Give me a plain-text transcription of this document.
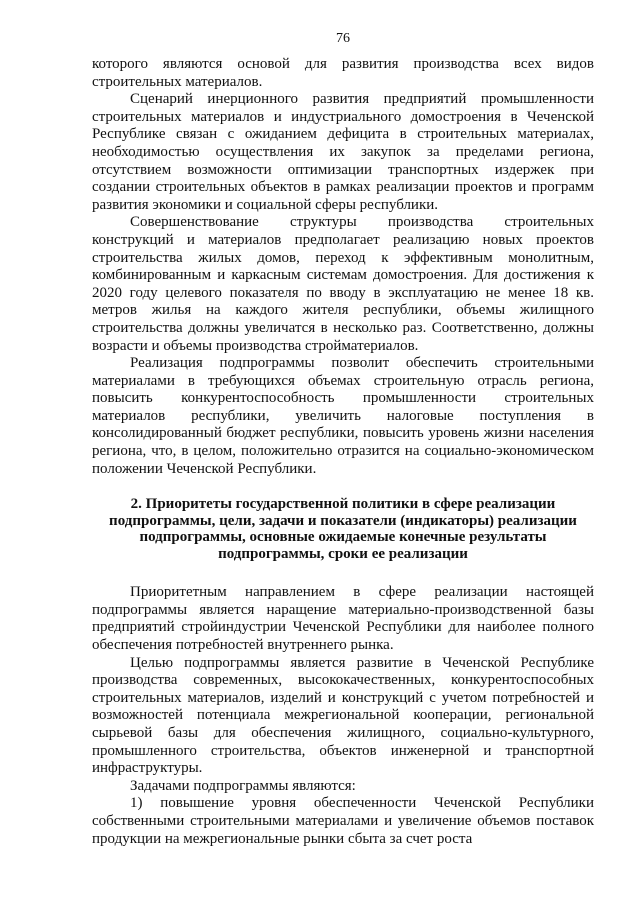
76

которого являются основой для развития производства всех видов строительных материалов.

Сценарий инерционного развития предприятий промышленности строительных материалов и индустриального домостроения в Чеченской Республике связан с ожиданием дефицита в строительных материалах, необходимостью осуществления их закупок за пределами региона, отсутствием возможности оптимизации транспортных издержек при создании строительных объектов в рамках реализации проектов и программ развития экономики и социальной сферы республики.

Совершенствование структуры производства строительных конструкций и материалов предполагает реализацию новых проектов строительства жилых домов, переход к эффективным монолитным, комбинированным и каркасным системам домостроения. Для достижения к 2020 году целевого показателя по вводу в эксплуатацию не менее 18 кв. метров жилья на каждого жителя республики, объемы жилищного строительства должны увеличатся в несколько раз. Соответственно, должны возрасти и объемы производства стройматериалов.

Реализация подпрограммы позволит обеспечить строительными материалами в требующихся объемах строительную отрасль региона, повысить конкурентоспособность промышленности строительных материалов республики, увеличить налоговые поступления в консолидированный бюджет республики, повысить уровень жизни населения региона, что, в целом, положительно отразится на социально-экономическом положении Чеченской Республики.

2. Приоритеты государственной политики в сфере реализации подпрограммы, цели, задачи и показатели (индикаторы) реализации подпрограммы, основные ожидаемые конечные результаты подпрограммы, сроки ее реализации

Приоритетным направлением в сфере реализации настоящей подпрограммы является наращение материально-производственной базы предприятий стройиндустрии Чеченской Республики для наиболее полного обеспечения потребностей внутреннего рынка.

Целью подпрограммы является развитие в Чеченской Республике производства современных, высококачественных, конкурентоспособных строительных материалов, изделий и конструкций с учетом потребностей и возможностей потенциала межрегиональной кооперации, региональной сырьевой базы для обеспечения жилищного, социально-культурного, промышленного строительства, объектов инженерной и транспортной инфраструктуры.

Задачами подпрограммы являются:

1) повышение уровня обеспеченности Чеченской Республики собственными строительными материалами и увеличение объемов поставок продукции на межрегиональные рынки сбыта за счет роста
